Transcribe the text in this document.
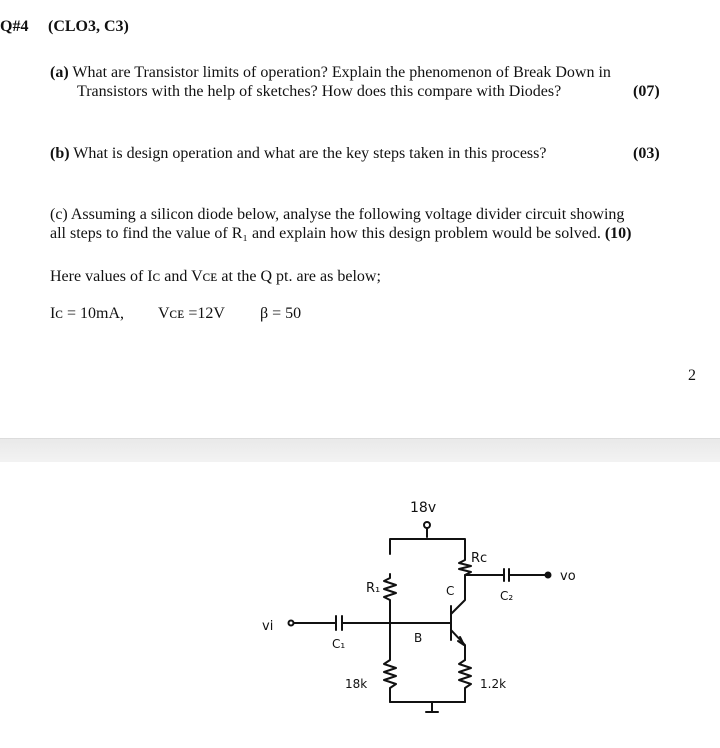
Q#4 (CLO3, C3)
(a) What are Transistor limits of operation? Explain the phenomenon of Break Down in
Transistors with the help of sketches? How does this compare with Diodes?	(07)
(b) What is design operation and what are the key steps taken in this process?	(03)
(c) Assuming a silicon diode below, analyse the following voltage divider circuit showing
all steps to find the value of R₁ and explain how this design problem would be solved. (10)
Here values of Iᴄ and Vᴄᴇ at the Q pt. are as below;
Iᴄ = 10mA, Vᴄᴇ =12V β = 50
2
18v
R₁
Rc
C₂
vo
C
B
vi
C₁
18k	1.2k
